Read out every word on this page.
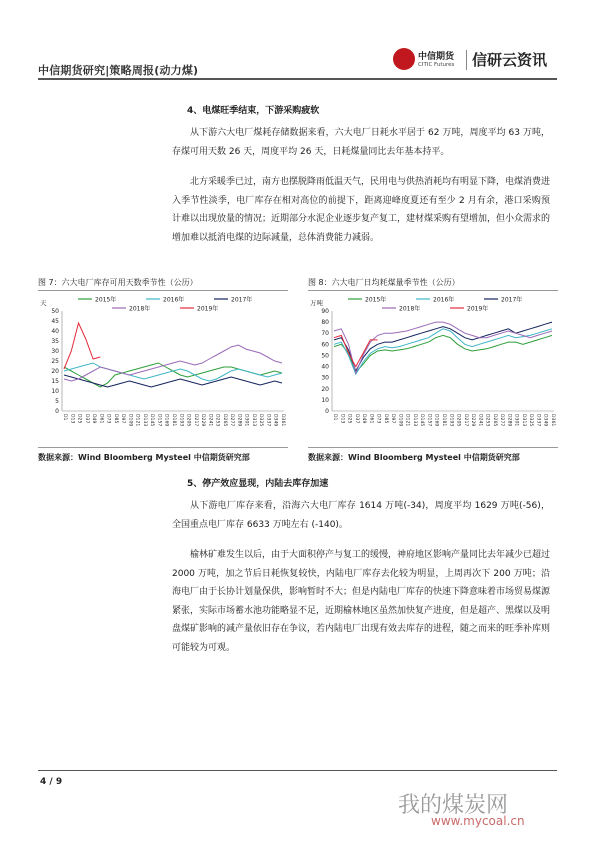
中信期货研究|策略周报(动力煤)
中信期货
CITIC Futures 信研云资讯
4、电煤旺季结束，下游采购疲软

从下游六大电厂煤耗存储数据来看，六大电厂日耗水平居于 62 万吨，周度平均 63 万吨，存煤可用天数 26 天，周度平均 26 天，日耗煤量同比去年基本持平。

北方采暖季已过，南方也摆脱降雨低温天气，民用电与供热消耗均有明显下降，电煤消费进入季节性淡季，电厂库存在相对高位的前提下，距离迎峰度夏还有至少 2 月有余，港口采购预计难以出现放量的情况；近期部分水泥企业逐步复产复工，建材煤采购有望增加，但小众需求的增加难以抵消电煤的边际减量，总体消费能力减弱。

图 7：六大电厂库存可用天数季节性（公历）
天
0
5
10
15
20
25
30
35
40
45
50
D1 D13 D25 D37 D49 D61 D73 D85 D97 D109 D121 D133 D145 D157 D169 D181 D193 D205 D217 D229 D241 D253 D265 D277 D289 D301 D313 D325 D337 D349 D361
2015年	2016年	2017年
2018年	2019年
数据来源：Wind Bloomberg Mysteel 中信期货研究部
图 8：六大电厂日均耗煤量季节性（公历）
万吨
0
10
20
30
40
50
60
70
80
90
D1 D13 D25 D37 D49 D61 D73 D85 D97 D109 D121 D133 D145 D157 D169 D181 D193 D205 D217 D229 D241 D253 D265 D277 D289 D301 D313 D325 D337 D349 D361
2015年	2016年	2017年
2018年	2019年
数据来源：Wind Bloomberg Mysteel 中信期货研究部
5、停产效应显现，内陆去库存加速

从下游电厂库存来看，沿海六大电厂库存 1614 万吨(-34)，周度平均 1629 万吨(-56)，全国重点电厂库存 6633 万吨左右 (-140)。

榆林矿难发生以后，由于大面积停产与复工的缓慢，神府地区影响产量同比去年减少已超过 2000 万吨，加之节后日耗恢复较快，内陆电厂库存去化较为明显，上周再次下 200 万吨；沿海电厂由于长协计划量保供，影响暂时不大；但是内陆电厂库存的快速下降意味着市场贸易煤源紧张，实际市场蓄水池功能略显不足，近期榆林地区虽然加快复产进度，但是超产、黑煤以及明盘煤矿影响的减产量依旧存在争议，若内陆电厂出现有效去库存的进程，随之而来的旺季补库则可能较为可观。

4 / 9
我的煤炭网
www.mycoal.cn
